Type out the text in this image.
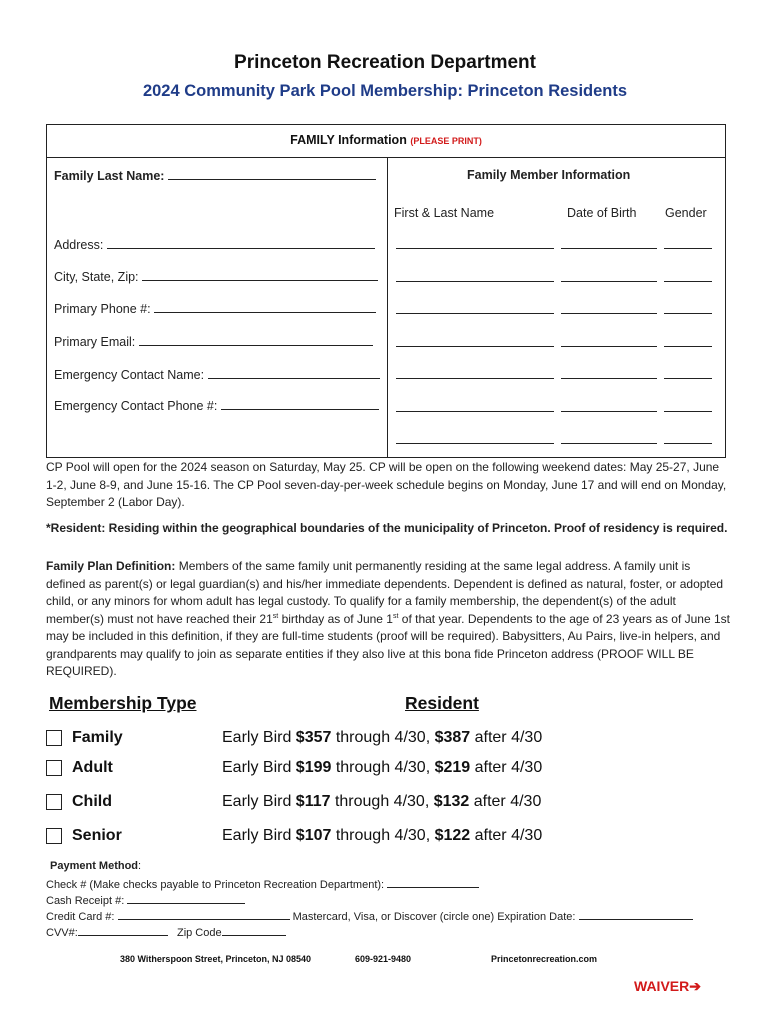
Princeton Recreation Department
2024 Community Park Pool Membership: Princeton Residents
FAMILY Information (PLEASE PRINT)
Family Last Name:
Address:
City, State, Zip:
Primary Phone #:
Primary Email:
Emergency Contact Name:
Emergency Contact Phone #:
Family Member Information
First & Last Name	Date of Birth Gender
CP Pool will open for the 2024 season on Saturday, May 25. CP will be open on the following weekend dates: May 25-27, June 1-2, June 8-9, and June 15-16. The CP Pool seven-day-per-week schedule begins on Monday, June 17 and will end on Monday, September 2 (Labor Day).
*Resident: Residing within the geographical boundaries of the municipality of Princeton. Proof of residency is required.
Family Plan Definition: Members of the same family unit permanently residing at the same legal address. A family unit is defined as parent(s) or legal guardian(s) and his/her immediate dependents. Dependent is defined as natural, foster, or adopted child, or any minors for whom adult has legal custody. To qualify for a family membership, the dependent(s) of the adult member(s) must not have reached their 21st birthday as of June 1st of that year. Dependents to the age of 23 years as of June 1st may be included in this definition, if they are full-time students (proof will be required). Babysitters, Au Pairs, live-in helpers, and grandparents may qualify to join as separate entities if they also live at this bona fide Princeton address (PROOF WILL BE REQUIRED).
Membership Type	Resident
Family	Early Bird $357 through 4/30, $387 after 4/30
Adult	Early Bird $199 through 4/30, $219 after 4/30
Child	Early Bird $117 through 4/30, $132 after 4/30
Senior	Early Bird $107 through 4/30, $122 after 4/30
Payment Method:
Check # (Make checks payable to Princeton Recreation Department):
Cash Receipt #:
Credit Card #:	Mastercard, Visa, or Discover (circle one) Expiration Date:
CVV#:	Zip Code
380 Witherspoon Street, Princeton, NJ 08540	609-921-9480	Princetonrecreation.com
WAIVER➔
